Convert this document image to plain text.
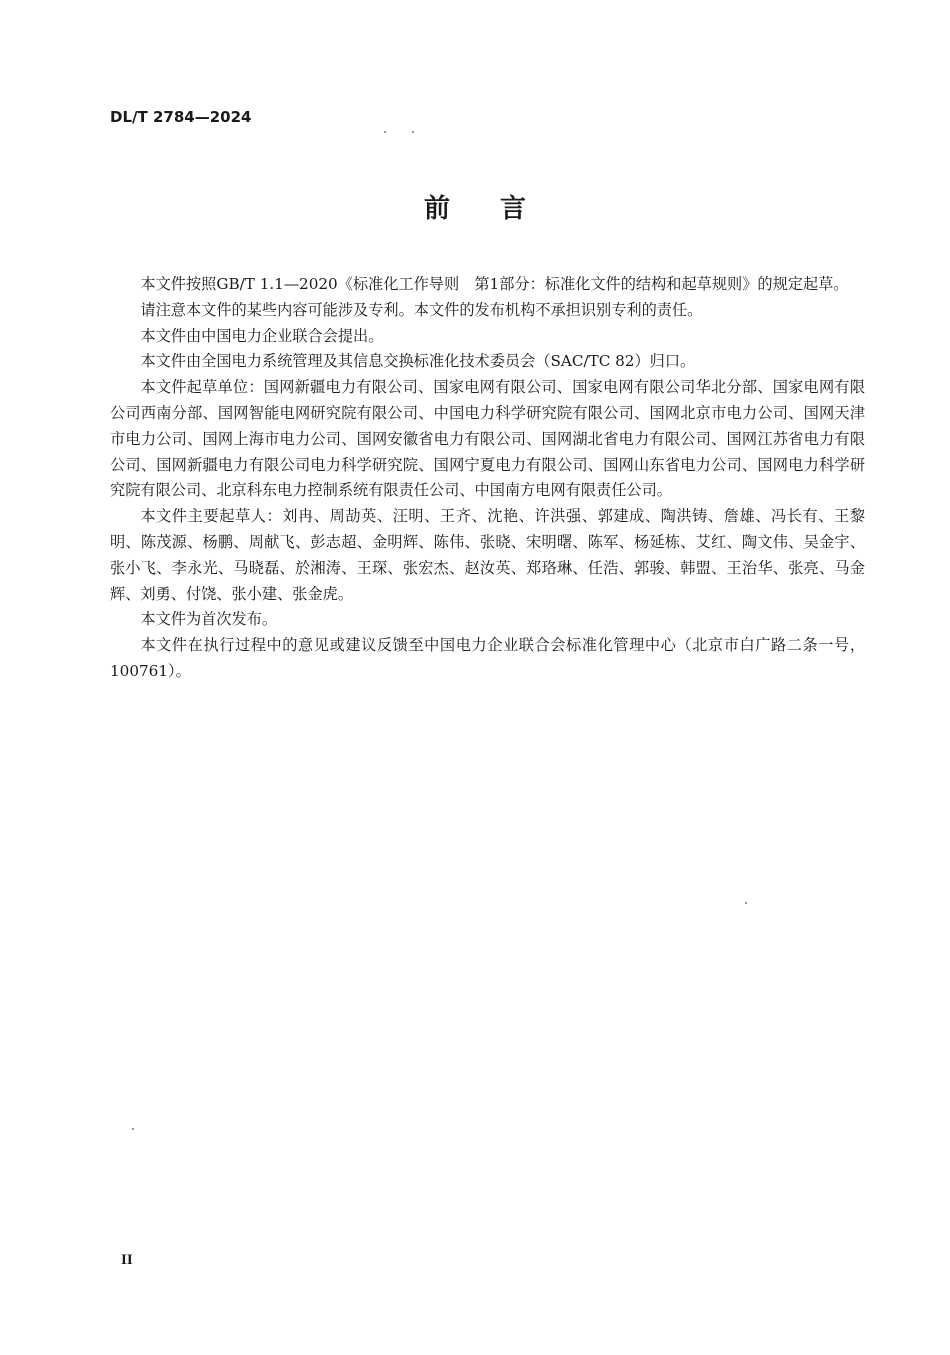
DL/T 2784—2024
前言

本文件按照GB/T 1.1—2020《标准化工作导则　第1部分：标准化文件的结构和起草规则》的规定起草。

请注意本文件的某些内容可能涉及专利。本文件的发布机构不承担识别专利的责任。

本文件由中国电力企业联合会提出。

本文件由全国电力系统管理及其信息交换标准化技术委员会（SAC/TC 82）归口。

本文件起草单位：国网新疆电力有限公司、国家电网有限公司、国家电网有限公司华北分部、国家电网有限公司西南分部、国网智能电网研究院有限公司、中国电力科学研究院有限公司、国网北京市电力公司、国网天津市电力公司、国网上海市电力公司、国网安徽省电力有限公司、国网湖北省电力有限公司、国网江苏省电力有限公司、国网新疆电力有限公司电力科学研究院、国网宁夏电力有限公司、国网山东省电力公司、国网电力科学研究院有限公司、北京科东电力控制系统有限责任公司、中国南方电网有限责任公司。

本文件主要起草人：刘冉、周劼英、汪明、王齐、沈艳、许洪强、郭建成、陶洪铸、詹雄、冯长有、王黎明、陈茂源、杨鹏、周献飞、彭志超、金明辉、陈伟、张晓、宋明曙、陈军、杨延栋、艾红、陶文伟、吴金宇、张小飞、李永光、马晓磊、於湘涛、王琛、张宏杰、赵汝英、郑珞琳、任浩、郭骏、韩盟、王治华、张亮、马金辉、刘勇、付饶、张小建、张金虎。

本文件为首次发布。

本文件在执行过程中的意见或建议反馈至中国电力企业联合会标准化管理中心（北京市白广路二条一号，100761）。

II
